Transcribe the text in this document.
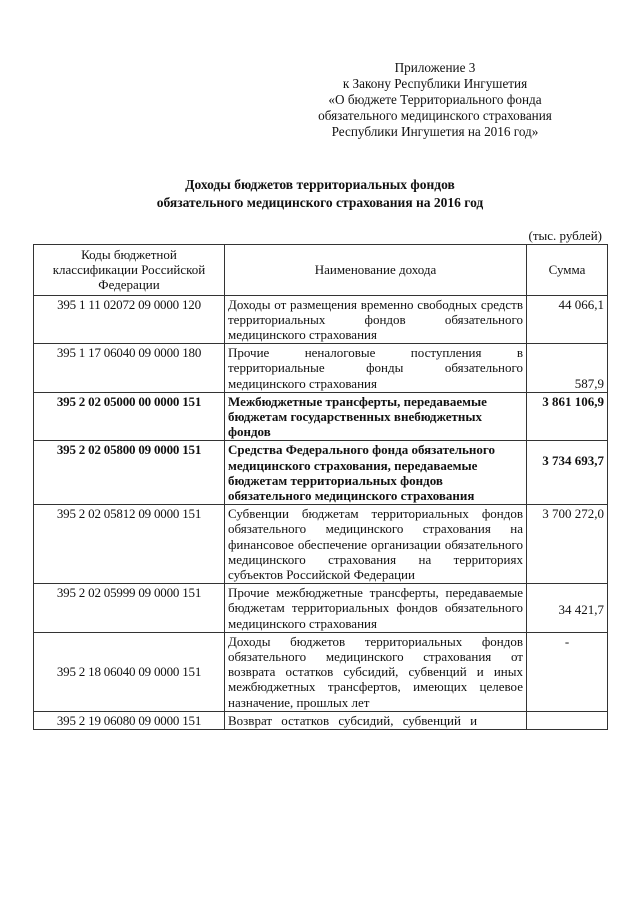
Приложение 3
к Закону Республики Ингушетия
«О бюджете Территориального фонда
обязательного медицинского страхования
Республики Ингушетия на 2016 год»
Доходы бюджетов территориальных фондов
обязательного медицинского страхования на 2016 год
(тыс. рублей)
Коды бюджетной классификации Российской Федерации	Наименование дохода	Сумма
395 1 11 02072 09 0000 120	Доходы от размещения временно свободных средств территориальных фондов обязательного медицинского страхования	44 066,1
395 1 17 06040 09 0000 180	Прочие неналоговые поступления в территориальные фонды обязательного медицинского страхования	587,9
395 2 02 05000 00 0000 151	Межбюджетные трансферты, передаваемые бюджетам государственных внебюджетных фондов	3 861 106,9
395 2 02 05800 09 0000 151	Средства Федерального фонда обязательного медицинского страхования, передаваемые бюджетам территориальных фондов обязательного медицинского страхования	3 734 693,7
395 2 02 05812 09 0000 151	Субвенции бюджетам территориальных фондов обязательного медицинского страхования на финансовое обеспечение организации обязательного медицинского страхования на территориях субъектов Российской Федерации	3 700 272,0
395 2 02 05999 09 0000 151	Прочие межбюджетные трансферты, передаваемые бюджетам территориальных фондов обязательного медицинского страхования	34 421,7
395 2 18 06040 09 0000 151	Доходы бюджетов территориальных фондов обязательного медицинского страхования от возврата остатков субсидий, субвенций и иных межбюджетных трансфертов, имеющих целевое назначение, прошлых лет	-
395 2 19 06080 09 0000 151	Возврат остатков субсидий, субвенций и	
